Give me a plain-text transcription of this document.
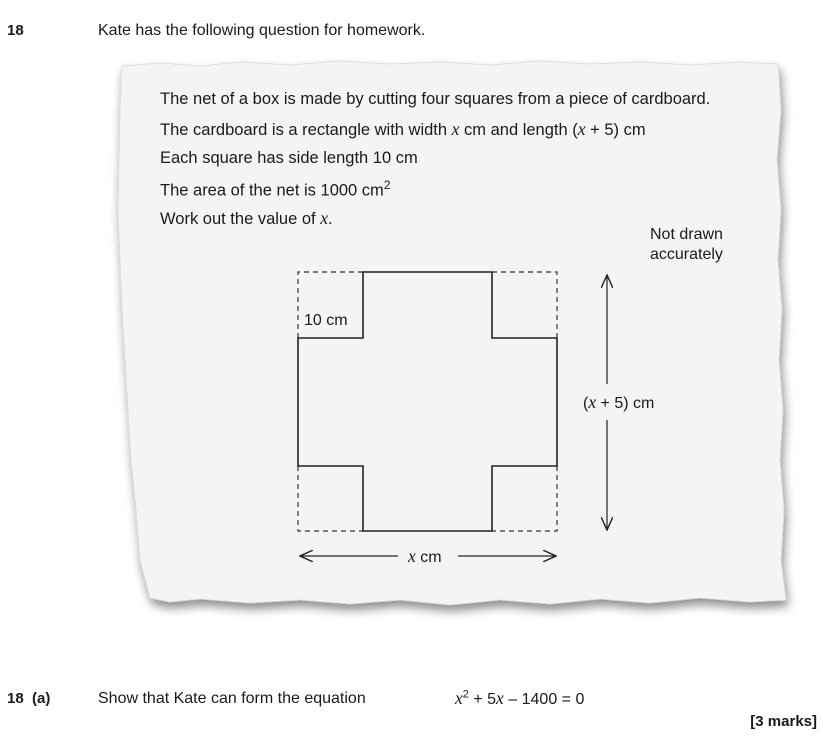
18	Kate has the following question for homework.
The net of a box is made by cutting four squares from a piece of cardboard.
The cardboard is a rectangle with width x cm and length (x + 5) cm
Each square has side length 10 cm
The area of the net is 1000 $cm^2$
Work out the value of x.
Not drawn
accurately
10 cm
(x + 5) cm
x cm
18 (a)	Show that Kate can form the equation	$x^2 + 5x - 1400 = 0$
[3 marks]
